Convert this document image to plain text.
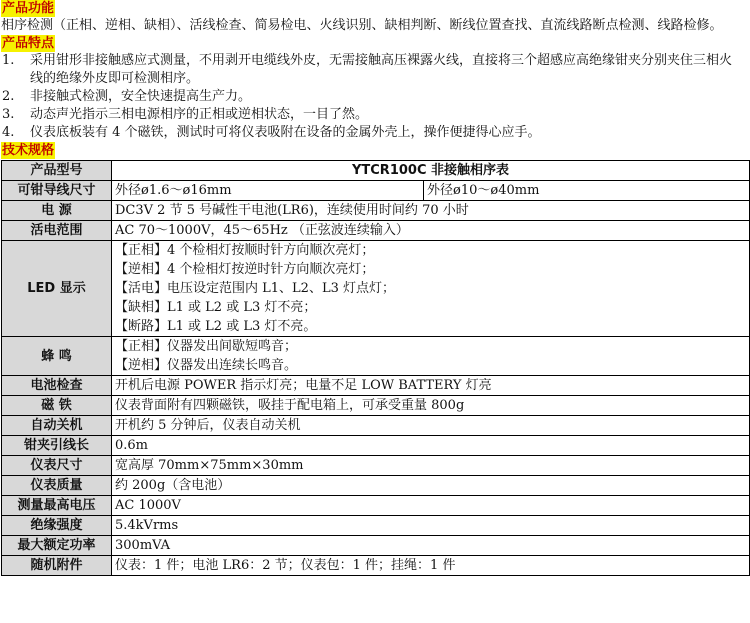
产品功能
相序检测（正相、逆相、缺相）、活线检查、简易检电、火线识别、缺相判断、断线位置查找、直流线路断点检测、线路检修。
产品特点
1.	采用钳形非接触感应式测量，不用剥开电缆线外皮，无需接触高压裸露火线，直接将三个超感应高绝缘钳夹分别夹住三相火
线的绝缘外皮即可检测相序。
2.	非接触式检测，安全快速提高生产力。
3.	动态声光指示三相电源相序的正相或逆相状态，一目了然。
4.	仪表底板装有 4 个磁铁，测试时可将仪表吸附在设备的金属外壳上，操作便捷得心应手。
技术规格
产品型号	YTCR100C 非接触相序表	
可钳导线尺寸	外径ø1.6～ø16mm	外径ø10～ø40mm
电 源	DC3V 2 节 5 号碱性干电池(LR6)，连续使用时间约 70 小时	
活电范围	AC 70～1000V，45～65Hz （正弦波连续输入）	
LED 显示	【正相】4 个检相灯按顺时针方向顺次亮灯；
【逆相】4 个检相灯按逆时针方向顺次亮灯；
【活电】电压设定范围内 L1、L2、L3 灯点灯；
【缺相】L1 或 L2 或 L3 灯不亮；
【断路】L1 或 L2 或 L3 灯不亮。	

蜂 鸣	【正相】仪器发出间歇短鸣音；
【逆相】仪器发出连续长鸣音。	

电池检查	开机后电源 POWER 指示灯亮；电量不足 LOW BATTERY 灯亮	
磁 铁	仪表背面附有四颗磁铁，吸挂于配电箱上，可承受重量 800g	
自动关机	开机约 5 分钟后，仪表自动关机	
钳夹引线长	0.6m	
仪表尺寸	宽高厚 70mm×75mm×30mm	
仪表质量	约 200g（含电池）	
测量最高电压	AC 1000V	
绝缘强度	5.4kVrms	
最大额定功率	300mVA	
随机附件	仪表：1 件；电池 LR6：2 节；仪表包：1 件；挂绳：1 件	
